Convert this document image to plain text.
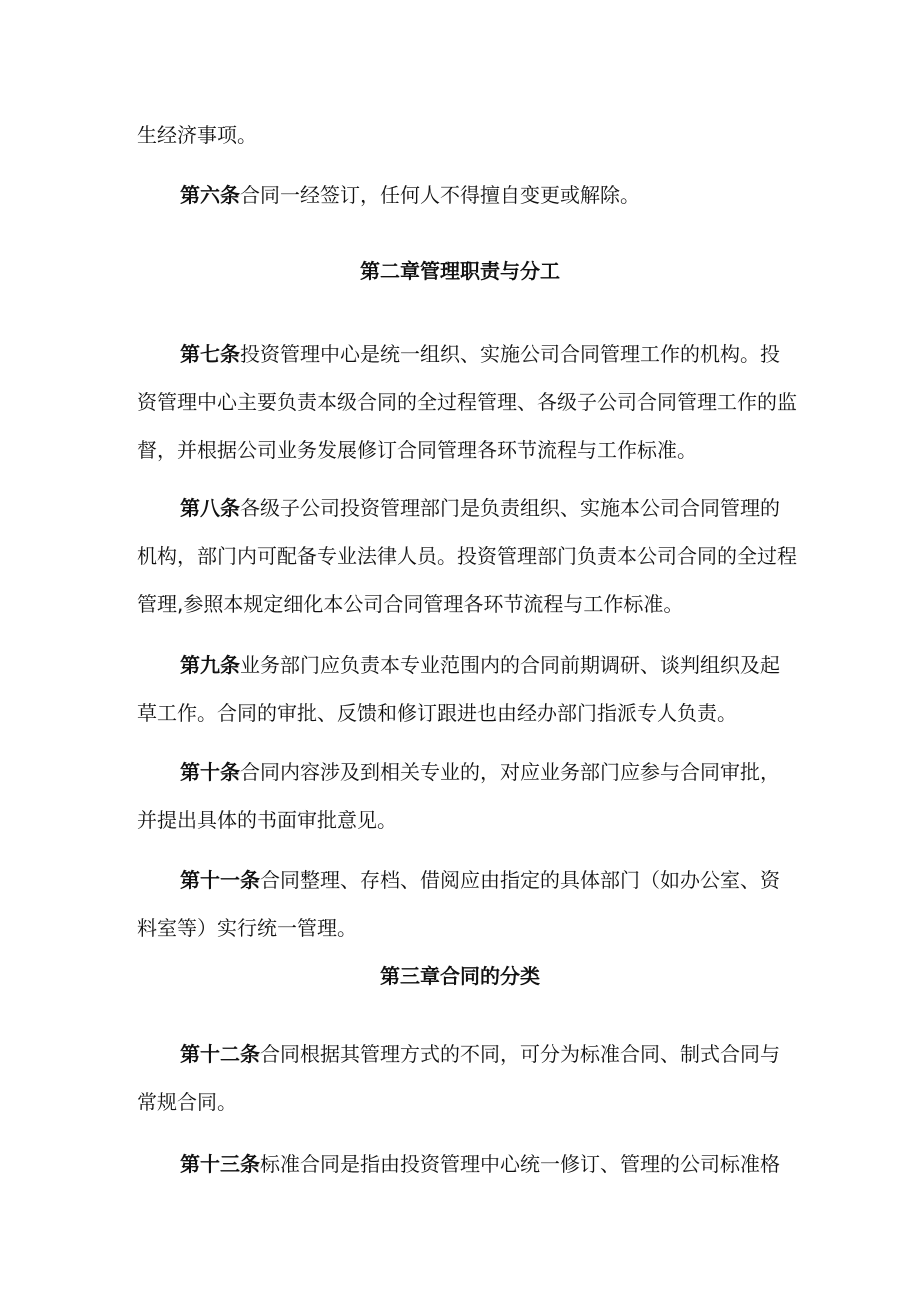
生经济事项。

第六条合同一经签订，任何人不得擅自变更或解除。

第二章管理职责与分工

第七条投资管理中心是统一组织、实施公司合同管理工作的机构。投

资管理中心主要负责本级合同的全过程管理、各级子公司合同管理工作的监

督，并根据公司业务发展修订合同管理各环节流程与工作标准。

第八条各级子公司投资管理部门是负责组织、实施本公司合同管理的

机构，部门内可配备专业法律人员。投资管理部门负责本公司合同的全过程

管理,参照本规定细化本公司合同管理各环节流程与工作标准。

第九条业务部门应负责本专业范围内的合同前期调研、谈判组织及起

草工作。合同的审批、反馈和修订跟进也由经办部门指派专人负责。

第十条合同内容涉及到相关专业的，对应业务部门应参与合同审批，

并提出具体的书面审批意见。

第十一条合同整理、存档、借阅应由指定的具体部门（如办公室、资

料室等）实行统一管理。

第三章合同的分类

第十二条合同根据其管理方式的不同，可分为标准合同、制式合同与

常规合同。

第十三条标准合同是指由投资管理中心统一修订、管理的公司标准格
